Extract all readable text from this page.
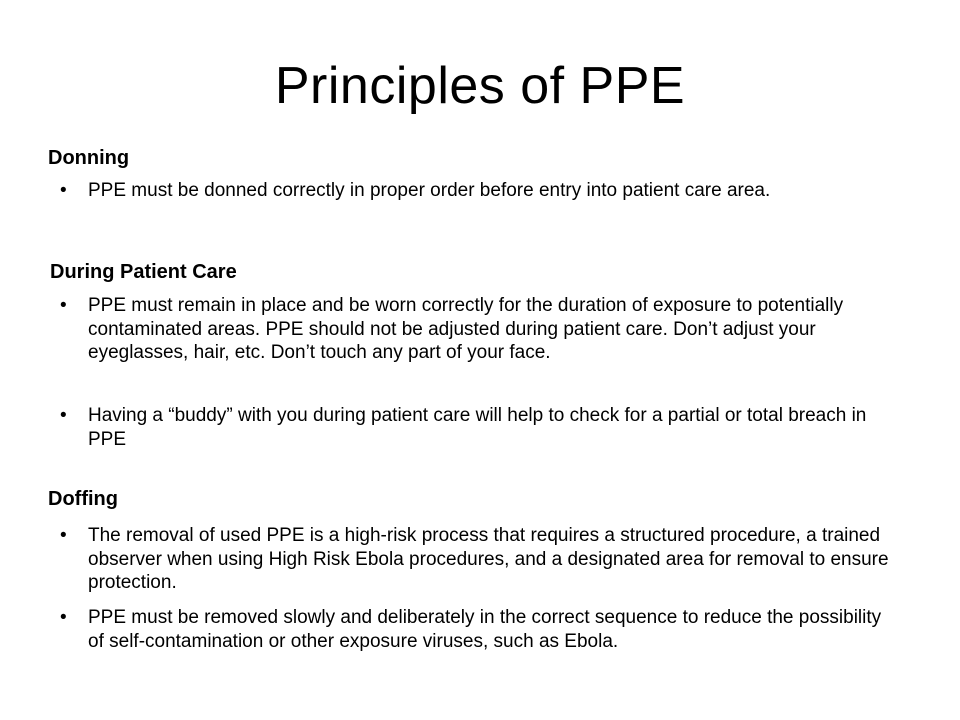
Principles of PPE

Donning

•	PPE must be donned correctly in proper order before entry into patient care area.

During Patient Care

•	PPE must remain in place and be worn correctly for the duration of exposure to potentially contaminated areas. PPE should not be adjusted during patient care. Don’t adjust your eyeglasses, hair, etc. Don’t touch any part of your face.
•	Having a “buddy” with you during patient care will help to check for a partial or total breach in PPE

Doffing

•	The removal of used PPE is a high-risk process that requires a structured procedure, a trained observer when using High Risk Ebola procedures, and a designated area for removal to ensure protection.
•	PPE must be removed slowly and deliberately in the correct sequence to reduce the possibility of self-contamination or other exposure viruses, such as Ebola.
